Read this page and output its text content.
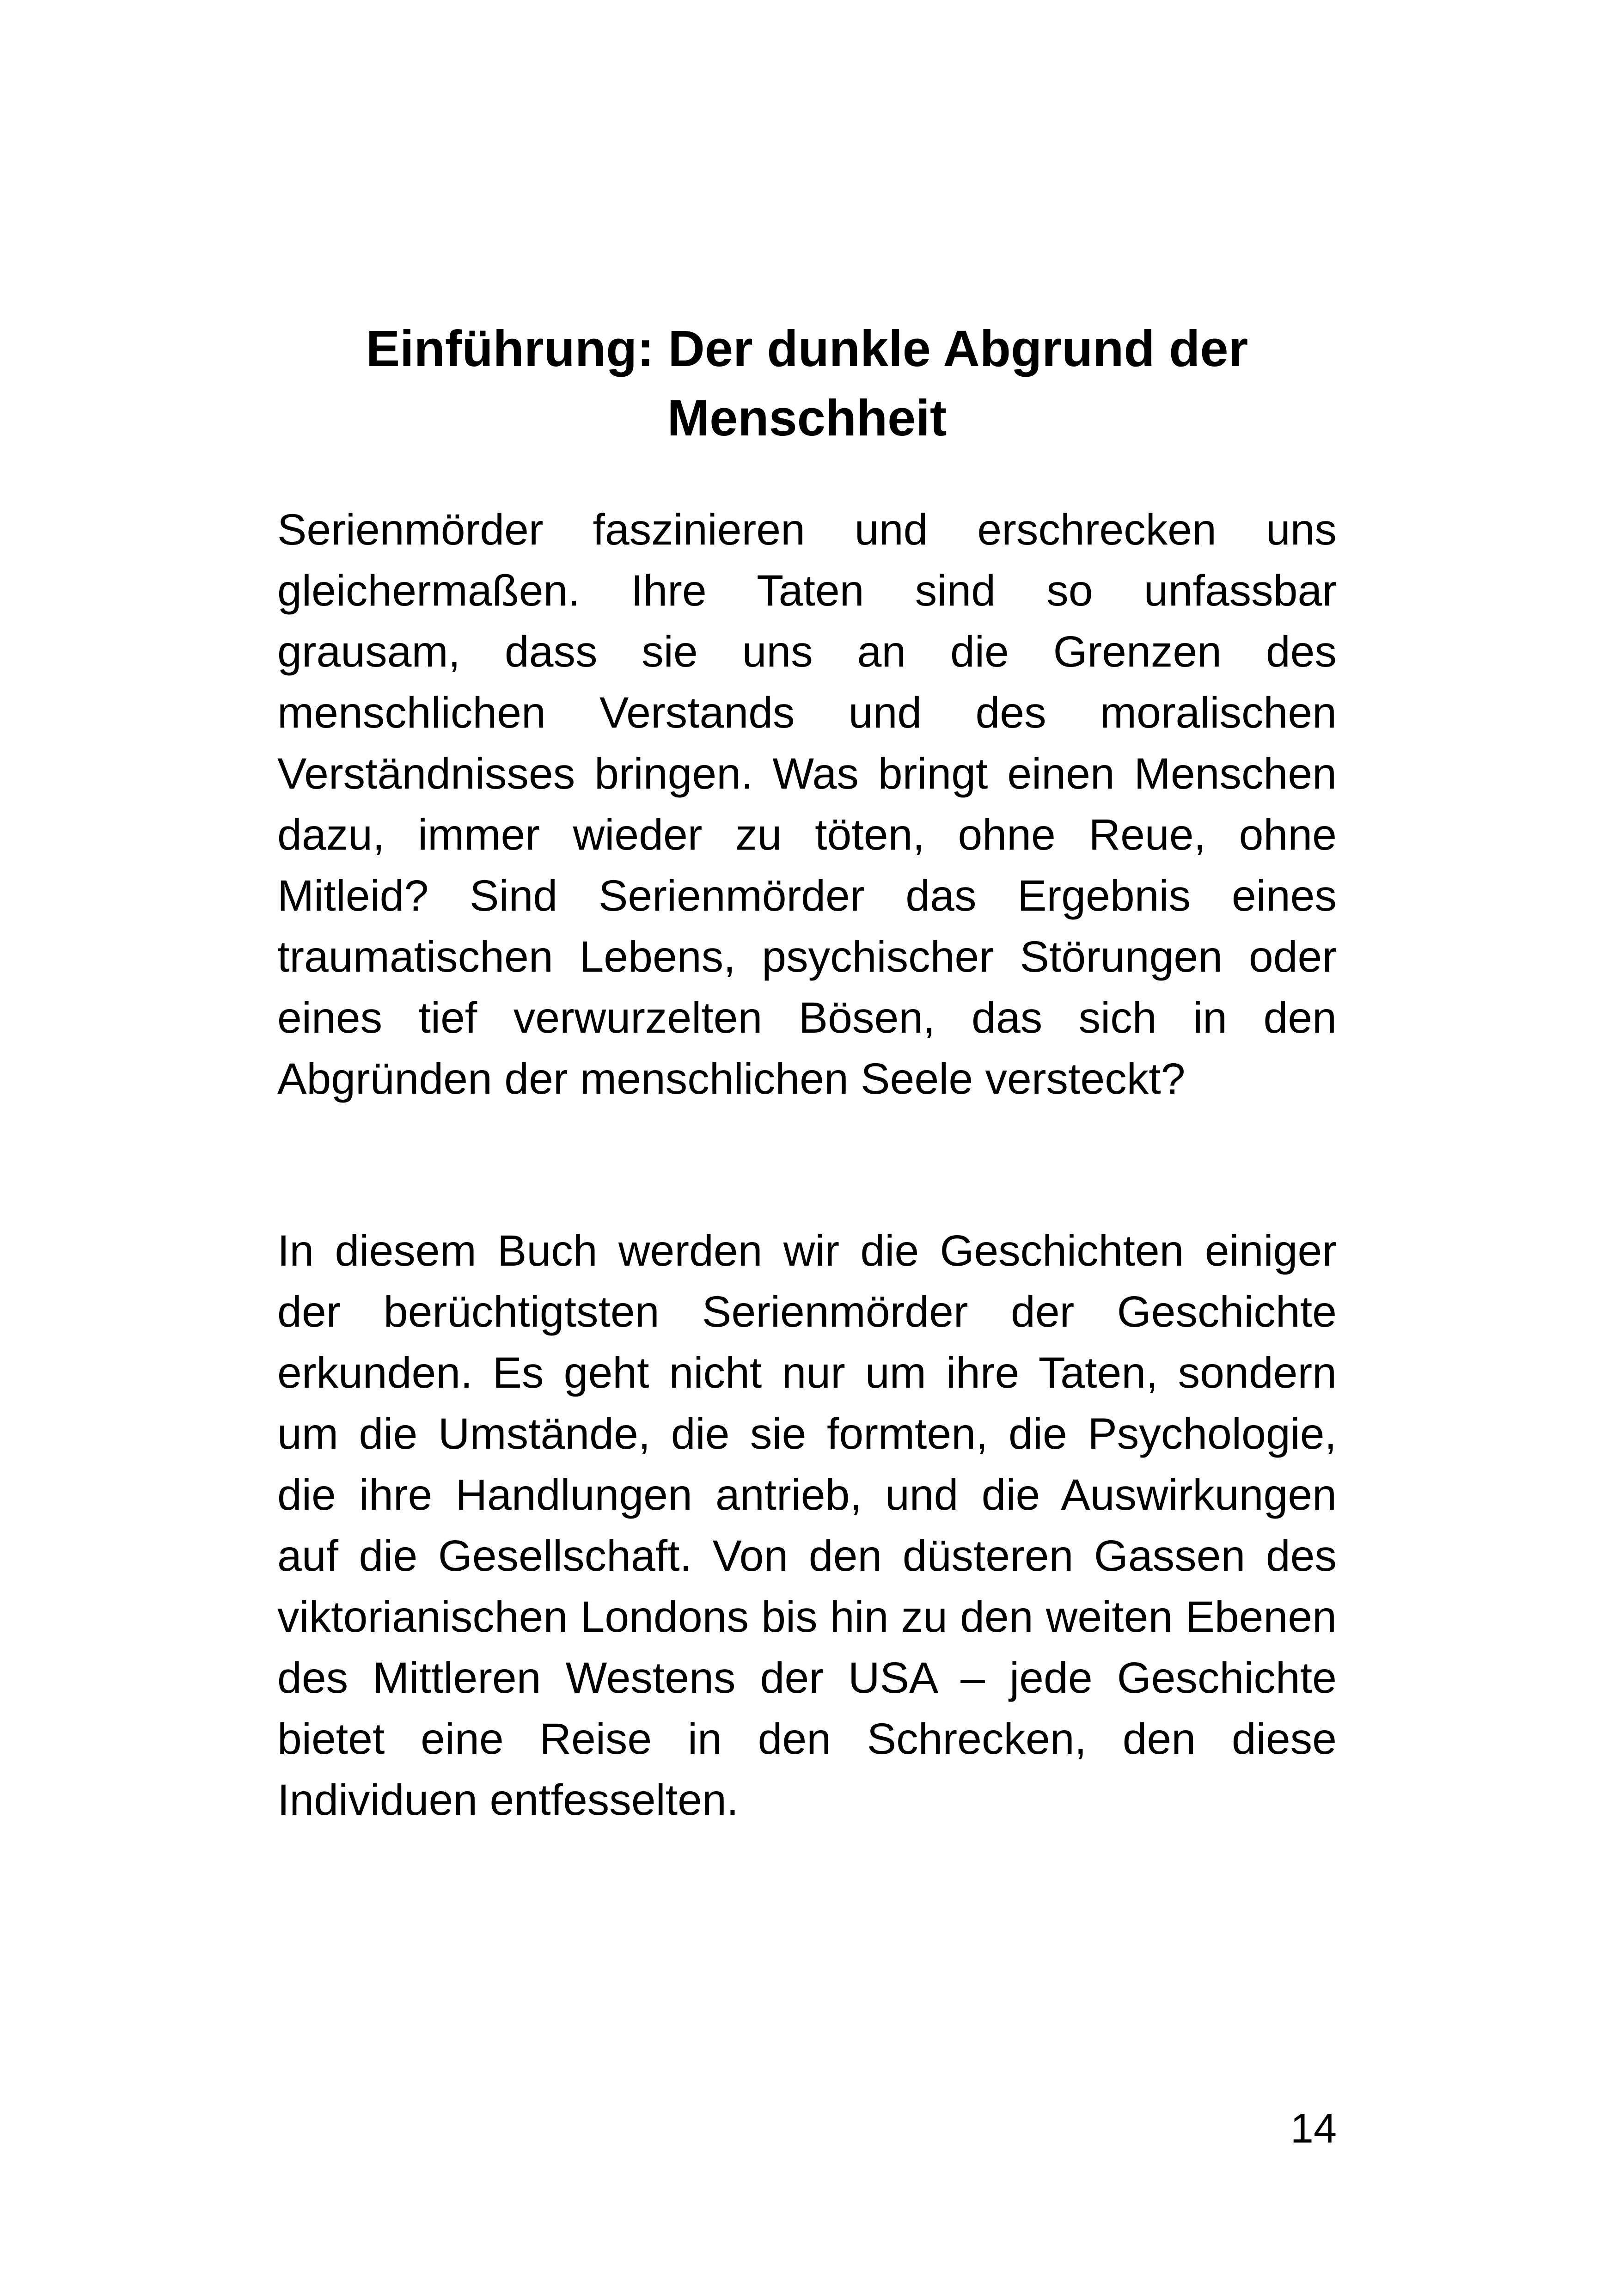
Einführung: Der dunkle Abgrund der Menschheit

Serienmörder faszinieren und erschrecken uns gleichermaßen. Ihre Taten sind so unfassbar grausam, dass sie uns an die Grenzen des menschlichen Verstands und des moralischen Verständnisses bringen. Was bringt einen Menschen dazu, immer wieder zu töten, ohne Reue, ohne Mitleid? Sind Serienmörder das Ergebnis eines traumatischen Lebens, psychischer Störungen oder eines tief verwurzelten Bösen, das sich in den Abgründen der menschlichen Seele versteckt?

In diesem Buch werden wir die Geschichten einiger der berüchtigtsten Serienmörder der Geschichte erkunden. Es geht nicht nur um ihre Taten, sondern um die Umstände, die sie formten, die Psychologie, die ihre Handlungen antrieb, und die Auswirkungen auf die Gesellschaft. Von den düsteren Gassen des viktorianischen Londons bis hin zu den weiten Ebenen des Mittleren Westens der USA – jede Geschichte bietet eine Reise in den Schrecken, den diese Individuen entfesselten.

14
